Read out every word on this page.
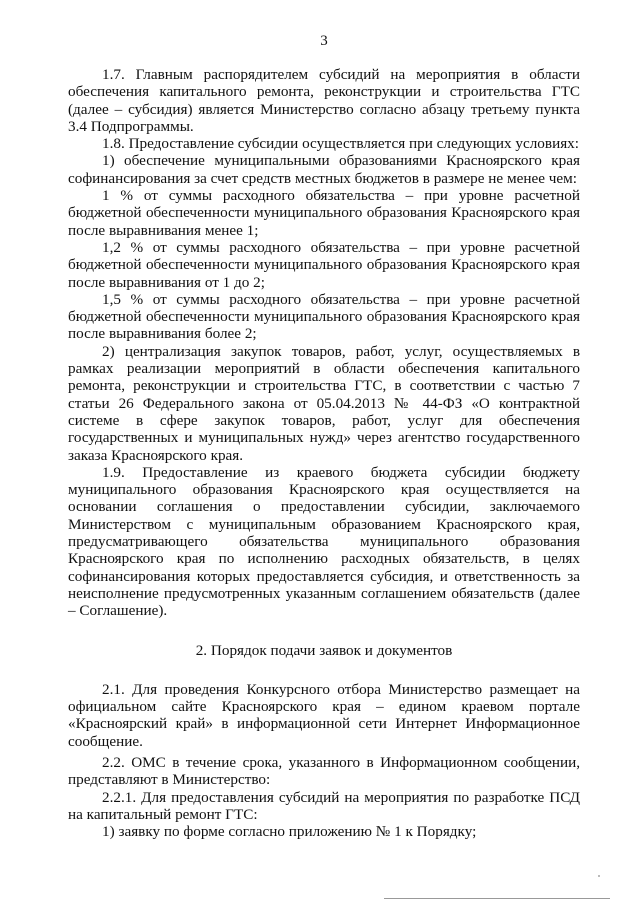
3

1.7. Главным распорядителем субсидий на мероприятия в области обеспечения капитального ремонта, реконструкции и строительства ГТС (далее – субсидия) является Министерство согласно абзацу третьему пункта 3.4 Подпрограммы.

1.8. Предоставление субсидии осуществляется при следующих условиях:

1) обеспечение муниципальными образованиями Красноярского края софинансирования за счет средств местных бюджетов в размере не менее чем:

1 % от суммы расходного обязательства – при уровне расчетной бюджетной обеспеченности муниципального образования Красноярского края после выравнивания менее 1;

1,2 % от суммы расходного обязательства – при уровне расчетной бюджетной обеспеченности муниципального образования Красноярского края после выравнивания от 1 до 2;

1,5 % от суммы расходного обязательства – при уровне расчетной бюджетной обеспеченности муниципального образования Красноярского края после выравнивания более 2;

2) централизация закупок товаров, работ, услуг, осуществляемых в рамках реализации мероприятий в области обеспечения капитального ремонта, реконструкции и строительства ГТС, в соответствии с частью 7 статьи 26 Федерального закона от 05.04.2013 № 44-ФЗ «О контрактной системе в сфере закупок товаров, работ, услуг для обеспечения государственных и муниципальных нужд» через агентство государственного заказа Красноярского края.

1.9. Предоставление из краевого бюджета субсидии бюджету муниципального образования Красноярского края осуществляется на основании соглашения о предоставлении субсидии, заключаемого Министерством с муниципальным образованием Красноярского края, предусматривающего обязательства муниципального образования Красноярского края по исполнению расходных обязательств, в целях софинансирования которых предоставляется субсидия, и ответственность за неисполнение предусмотренных указанным соглашением обязательств (далее – Соглашение).

2. Порядок подачи заявок и документов

2.1. Для проведения Конкурсного отбора Министерство размещает на официальном сайте Красноярского края – едином краевом портале «Красноярский край» в информационной сети Интернет Информационное сообщение.

2.2. ОМС в течение срока, указанного в Информационном сообщении, представляют в Министерство:

2.2.1. Для предоставления субсидий на мероприятия по разработке ПСД на капитальный ремонт ГТС:

1) заявку по форме согласно приложению № 1 к Порядку;
